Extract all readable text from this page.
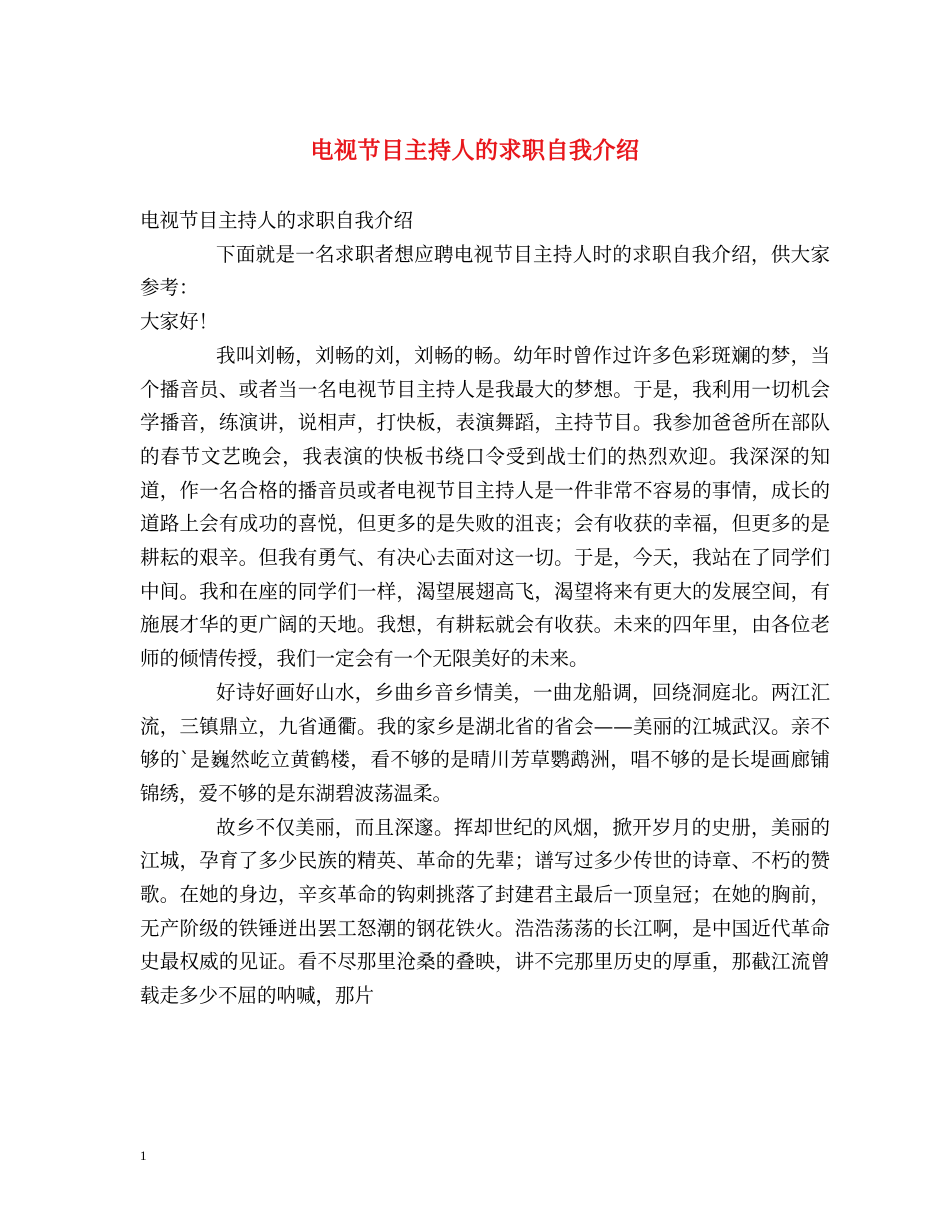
电视节目主持人的求职自我介绍

电视节目主持人的求职自我介绍

下面就是一名求职者想应聘电视节目主持人时的求职自我介绍，供大家参考：

大家好！

我叫刘畅，刘畅的刘，刘畅的畅。幼年时曾作过许多色彩斑斓的梦，当个播音员、或者当一名电视节目主持人是我最大的梦想。于是，我利用一切机会学播音，练演讲，说相声，打快板，表演舞蹈，主持节目。我参加爸爸所在部队的春节文艺晚会，我表演的快板书绕口令受到战士们的热烈欢迎。我深深的知道，作一名合格的播音员或者电视节目主持人是一件非常不容易的事情，成长的道路上会有成功的喜悦，但更多的是失败的沮丧；会有收获的幸福，但更多的是耕耘的艰辛。但我有勇气、有决心去面对这一切。于是，今天，我站在了同学们中间。我和在座的同学们一样，渴望展翅高飞，渴望将来有更大的发展空间，有施展才华的更广阔的天地。我想，有耕耘就会有收获。未来的四年里，由各位老师的倾情传授，我们一定会有一个无限美好的未来。

好诗好画好山水，乡曲乡音乡情美，一曲龙船调，回绕洞庭北。两江汇流，三镇鼎立，九省通衢。我的家乡是湖北省的省会——美丽的江城武汉。亲不够的`是巍然屹立黄鹤楼，看不够的是晴川芳草鹦鹉洲，唱不够的是长堤画廊铺锦绣，爱不够的是东湖碧波荡温柔。

故乡不仅美丽，而且深邃。挥却世纪的风烟，掀开岁月的史册，美丽的江城，孕育了多少民族的精英、革命的先辈；谱写过多少传世的诗章、不朽的赞歌。在她的身边，辛亥革命的钩刺挑落了封建君主最后一顶皇冠；在她的胸前，无产阶级的铁锤迸出罢工怒潮的钢花铁火。浩浩荡荡的长江啊，是中国近代革命史最权威的见证。看不尽那里沧桑的叠映，讲不完那里历史的厚重，那截江流曾载走多少不屈的呐喊，那片

1
